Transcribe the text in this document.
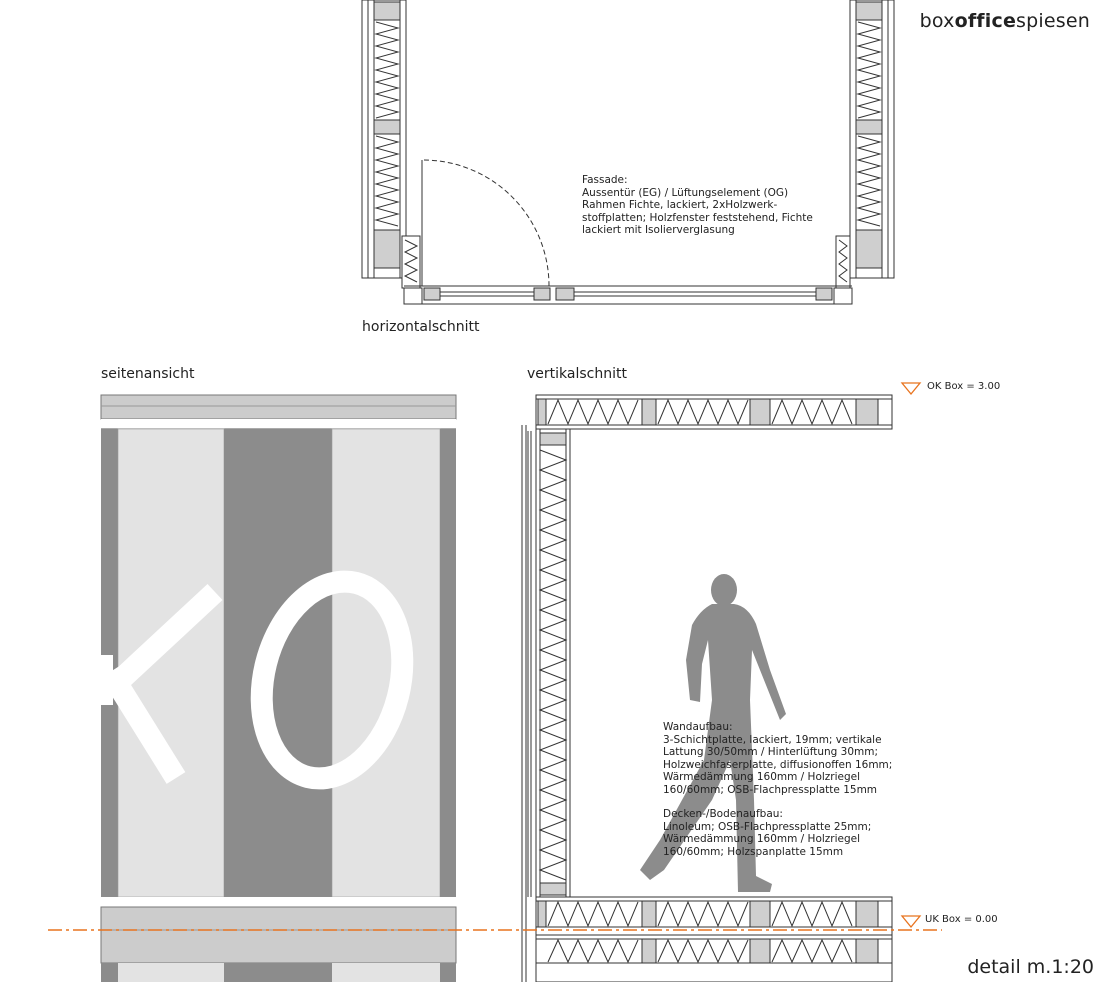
boxofficespiesen
horizontalschnitt
seitenansicht	vertikalschnitt
Fassade:
Aussentür (EG) / Lüftungselement (OG)
Rahmen Fichte, lackiert, 2xHolzwerk-
stoffplatten; Holzfenster feststehend, Fichte
lackiert mit Isolierverglasung
Wandaufbau:
3-Schichtplatte, lackiert, 19mm; vertikale
Lattung 30/50mm / Hinterlüftung 30mm;
Holzweichfaserplatte, diffusionoffen 16mm;
Wärmedämmung 160mm / Holzriegel
160/60mm; OSB-Flachpressplatte 15mm
Decken-/Bodenaufbau:
Linoleum; OSB-Flachpressplatte 25mm;
Wärmedämmung 160mm / Holzriegel
160/60mm; Holzspanplatte 15mm
OK Box = 3.00
UK Box = 0.00
detail m.1:20
